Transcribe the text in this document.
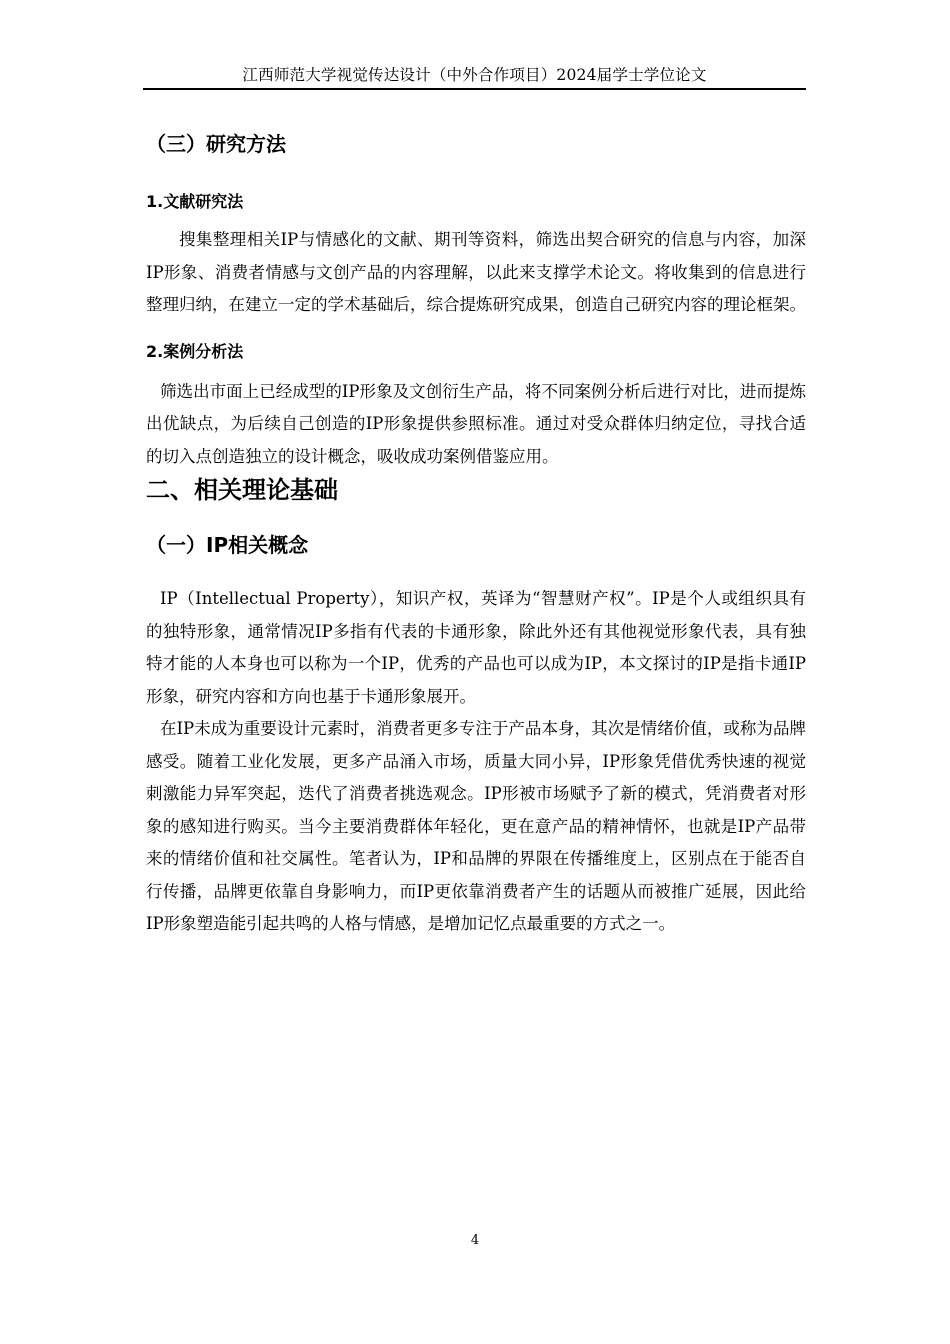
江西师范大学视觉传达设计（中外合作项目）2024届学士学位论文
（三）研究方法
1.文献研究法

搜集整理相关IP与情感化的文献、期刊等资料，筛选出契合研究的信息与内容，加深IP形象、消费者情感与文创产品的内容理解，以此来支撑学术论文。将收集到的信息进行整理归纳，在建立一定的学术基础后，综合提炼研究成果，创造自己研究内容的理论框架。

2.案例分析法

筛选出市面上已经成型的IP形象及文创衍生产品，将不同案例分析后进行对比，进而提炼出优缺点，为后续自己创造的IP形象提供参照标准。通过对受众群体归纳定位，寻找合适的切入点创造独立的设计概念，吸收成功案例借鉴应用。

二、相关理论基础
（一）IP相关概念

IP（Intellectual Property），知识产权，英译为“智慧财产权”。IP是个人或组织具有的独特形象，通常情况IP多指有代表的卡通形象，除此外还有其他视觉形象代表，具有独特才能的人本身也可以称为一个IP，优秀的产品也可以成为IP，本文探讨的IP是指卡通IP形象，研究内容和方向也基于卡通形象展开。

在IP未成为重要设计元素时，消费者更多专注于产品本身，其次是情绪价值，或称为品牌感受。随着工业化发展，更多产品涌入市场，质量大同小异，IP形象凭借优秀快速的视觉刺激能力异军突起，迭代了消费者挑选观念。IP形被市场赋予了新的模式，凭消费者对形象的感知进行购买。当今主要消费群体年轻化，更在意产品的精神情怀，也就是IP产品带来的情绪价值和社交属性。笔者认为，IP和品牌的界限在传播维度上，区别点在于能否自行传播，品牌更依靠自身影响力，而IP更依靠消费者产生的话题从而被推广延展，因此给IP形象塑造能引起共鸣的人格与情感，是增加记忆点最重要的方式之一。

4
